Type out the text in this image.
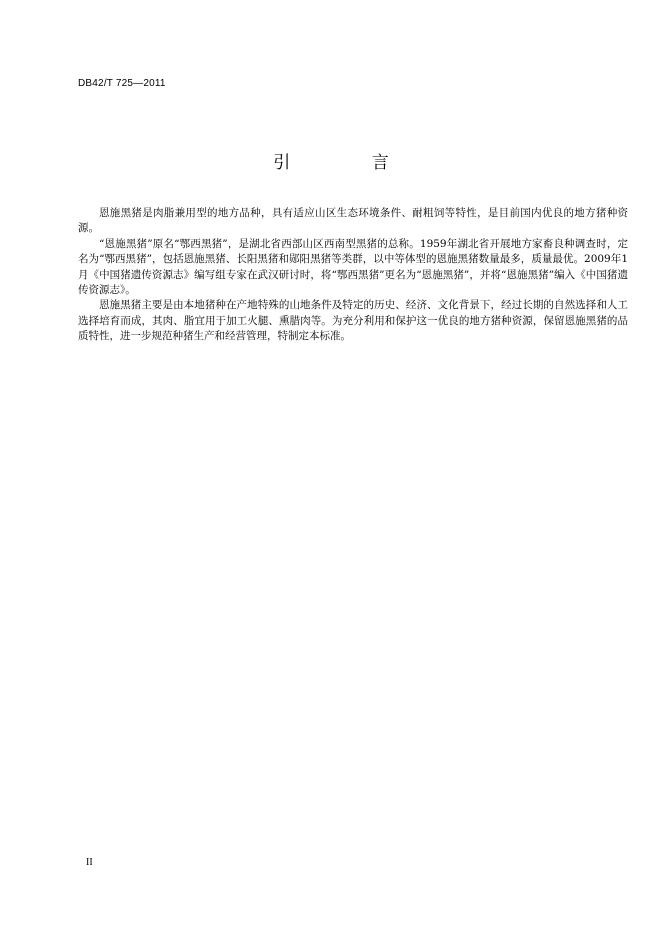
DB42/T 725—2011
引 言

恩施黑猪是肉脂兼用型的地方品种，具有适应山区生态环境条件、耐粗饲等特性，是目前国内优良的地方猪种资源。

“恩施黑猪”原名“鄂西黑猪”，是湖北省西部山区西南型黑猪的总称。1959年湖北省开展地方家畜良种调查时，定名为“鄂西黑猪”，包括恩施黑猪、长阳黑猪和郧阳黑猪等类群，以中等体型的恩施黑猪数量最多，质量最优。2009年1月《中国猪遗传资源志》编写组专家在武汉研讨时，将“鄂西黑猪”更名为“恩施黑猪”，并将“恩施黑猪”编入《中国猪遗传资源志》。

恩施黑猪主要是由本地猪种在产地特殊的山地条件及特定的历史、经济、文化背景下，经过长期的自然选择和人工选择培育而成，其肉、脂宜用于加工火腿、熏腊肉等。为充分利用和保护这一优良的地方猪种资源，保留恩施黑猪的品质特性，进一步规范种猪生产和经营管理，特制定本标准。

II
